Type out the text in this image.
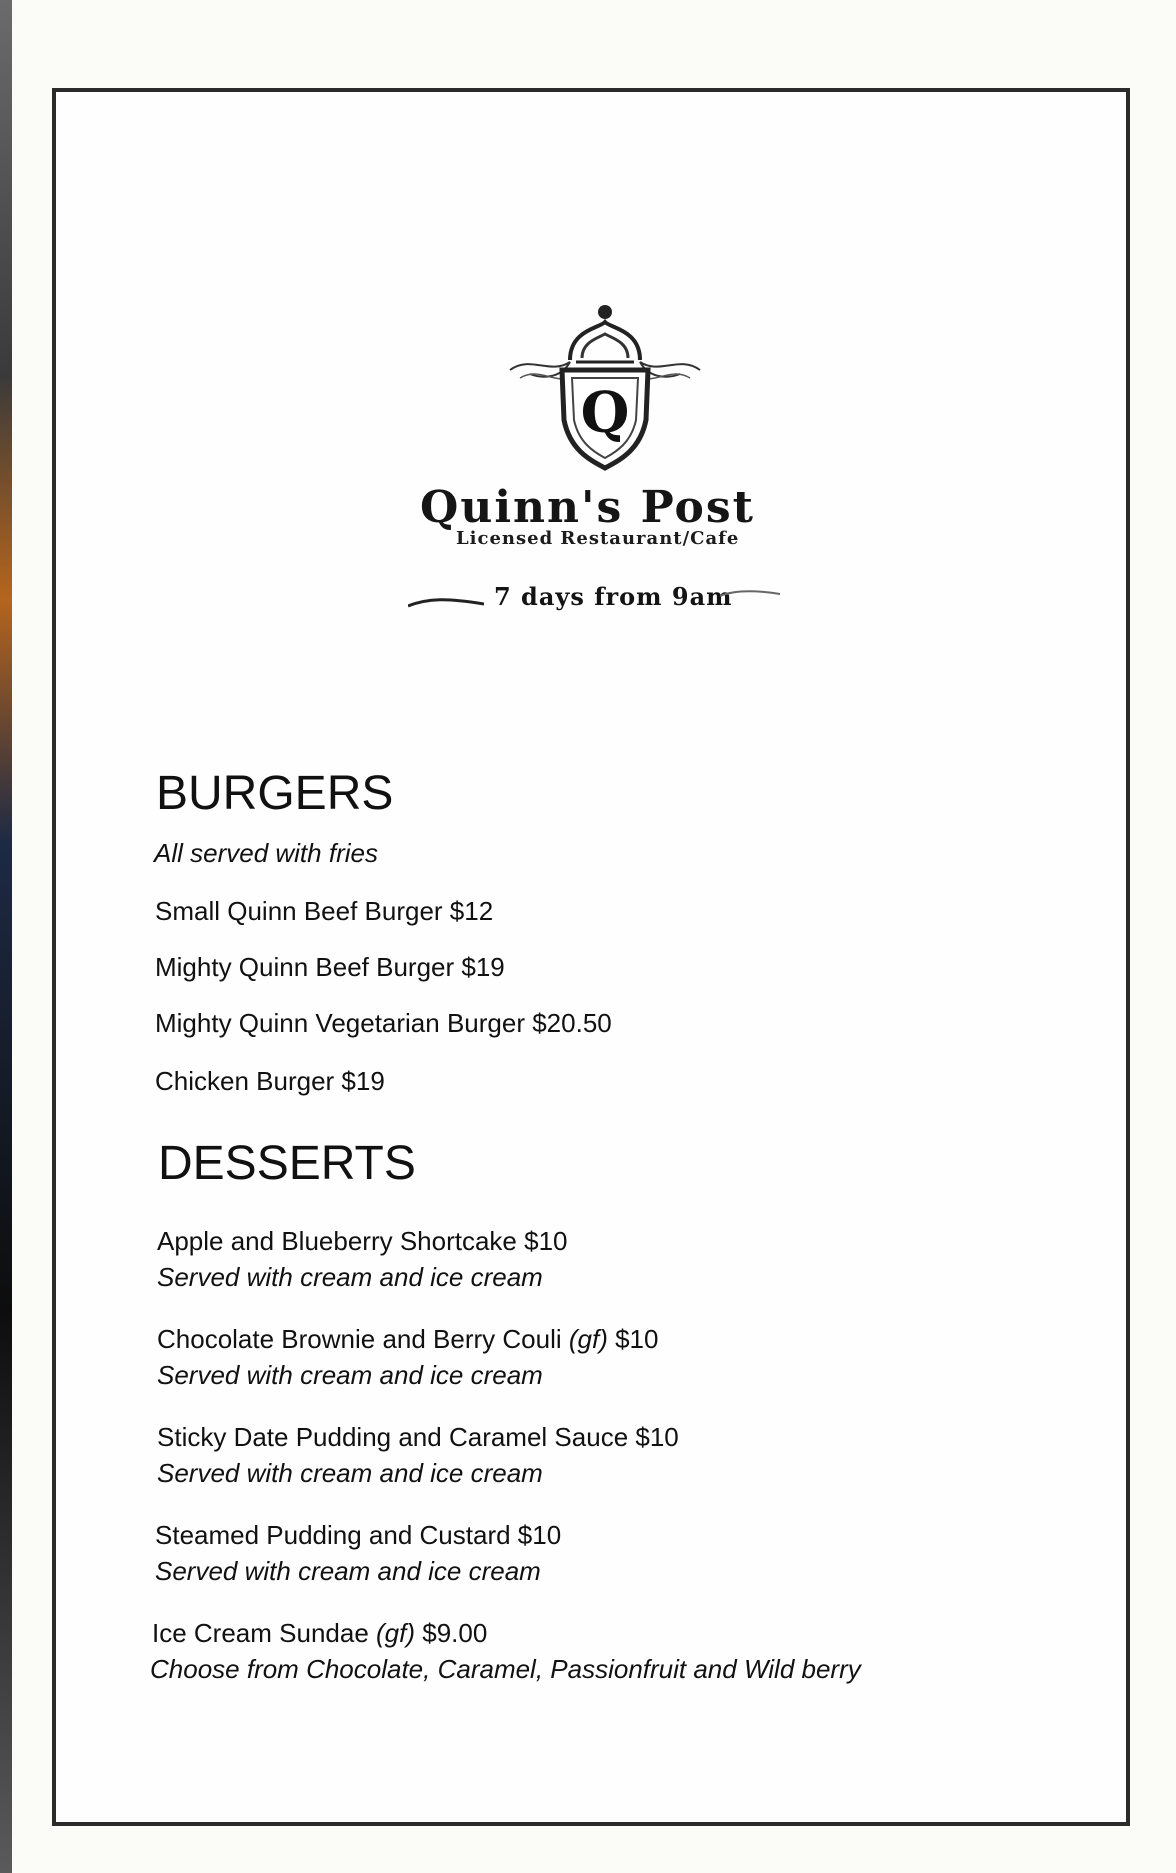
Q
Quinn's Post
Licensed Restaurant/Cafe
7 days from 9am
BURGERS
All served with fries
Small Quinn Beef Burger $12
Mighty Quinn Beef Burger $19
Mighty Quinn Vegetarian Burger $20.50
Chicken Burger $19
DESSERTS
Apple and Blueberry Shortcake $10
Served with cream and ice cream
Chocolate Brownie and Berry Couli (gf) $10
Served with cream and ice cream
Sticky Date Pudding and Caramel Sauce $10
Served with cream and ice cream
Steamed Pudding and Custard $10
Served with cream and ice cream
Ice Cream Sundae (gf) $9.00
Choose from Chocolate, Caramel, Passionfruit and Wild berry
